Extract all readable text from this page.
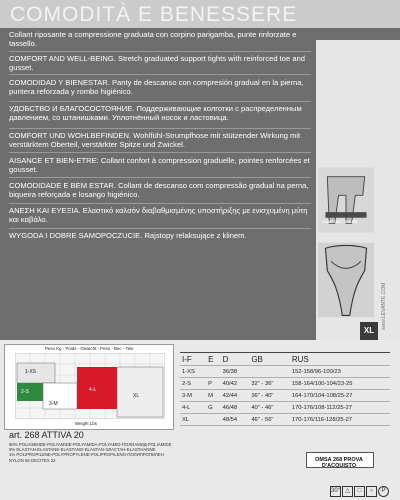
COMODITÀ E BENESSERE
Collant riposante a compressione graduata con corpino parigamba, punte rinforzate e tassello.
COMFORT AND WELL-BEING. Stretch graduated support tights with reinforced toe and gusset.
COMODIDAD Y BIENESTAR. Panty de descanso con compresión gradual en la pierna, puntera reforzada y rombo higiénico.
УДОБСТВО И БЛАГОСОСТОЯНИЕ. Поддерживающие колготки с распределенным давлением, со штанишками. Уплотнённый носок и ластовица.
COMFORT UND WOHLBEFINDEN. Wohlfühl-Strumpfhose mit stützender Wirkung mit verstärktem Oberteil, verstärkter Spitze und Zwickel.
AISANCE ET BIEN-ETRE: Collant confort à compression graduelle, pointes renforcées et gousset.
COMODIDADE E BEM ESTAR. Collant de descanso com compressão gradual na perna, biqueira reforçada e losango higiénico.
ΑΝΕΣΗ ΚΑΙ ΕΥΕΞΙΑ. Ελαστικό καλσόν διαβαθμισμένης υποστήριξης με ενισχυμένη μύτη και καβάλο.
WYGODA I DOBRE SAMOPOCZUCIE. Rajstopy relaksujące z klinem.
COMFORT SHAPE
XL
www.LEVANTE.COM
Peso Kg - Poids - Gewicht - Peso - Вес - Tele
1-XS
2-S
3-M
4-L
XL
Weight Lbs
I-F	E	D	GB	RUS
1-XS		36/38		152-158/96-100/23
2-S	P	40/42	32" - 36"	158-164/100-104/23-25
3-M	M	42/44	36" - 40"	164-170/104-108/25-27
4-L	G	46/48	40" - 46"	170-176/108-112/25-27
XL		48/54	46" - 56"	170-176/116-128/25-27
art. 268 ATTIVA 20
90% POLIAMMIDE-POLYAMIDE-POLYAMIDA-POLYAMID-ПОЛИАМИД-POLIAMIDE
9% ELASTAN-ELASTANE-ELASTANO-ELASTAN-ЭЛАСТАН-ELASTHANNE
1% POLIPROPILENE-POLYPROPYLENE-POLIPROPILENO-ПОЛИПРОПИЛЕН
NYLON 66 DECITEX 22	OMSA 268 PROVA D'ACQUISTO
30° △	□	○	P
